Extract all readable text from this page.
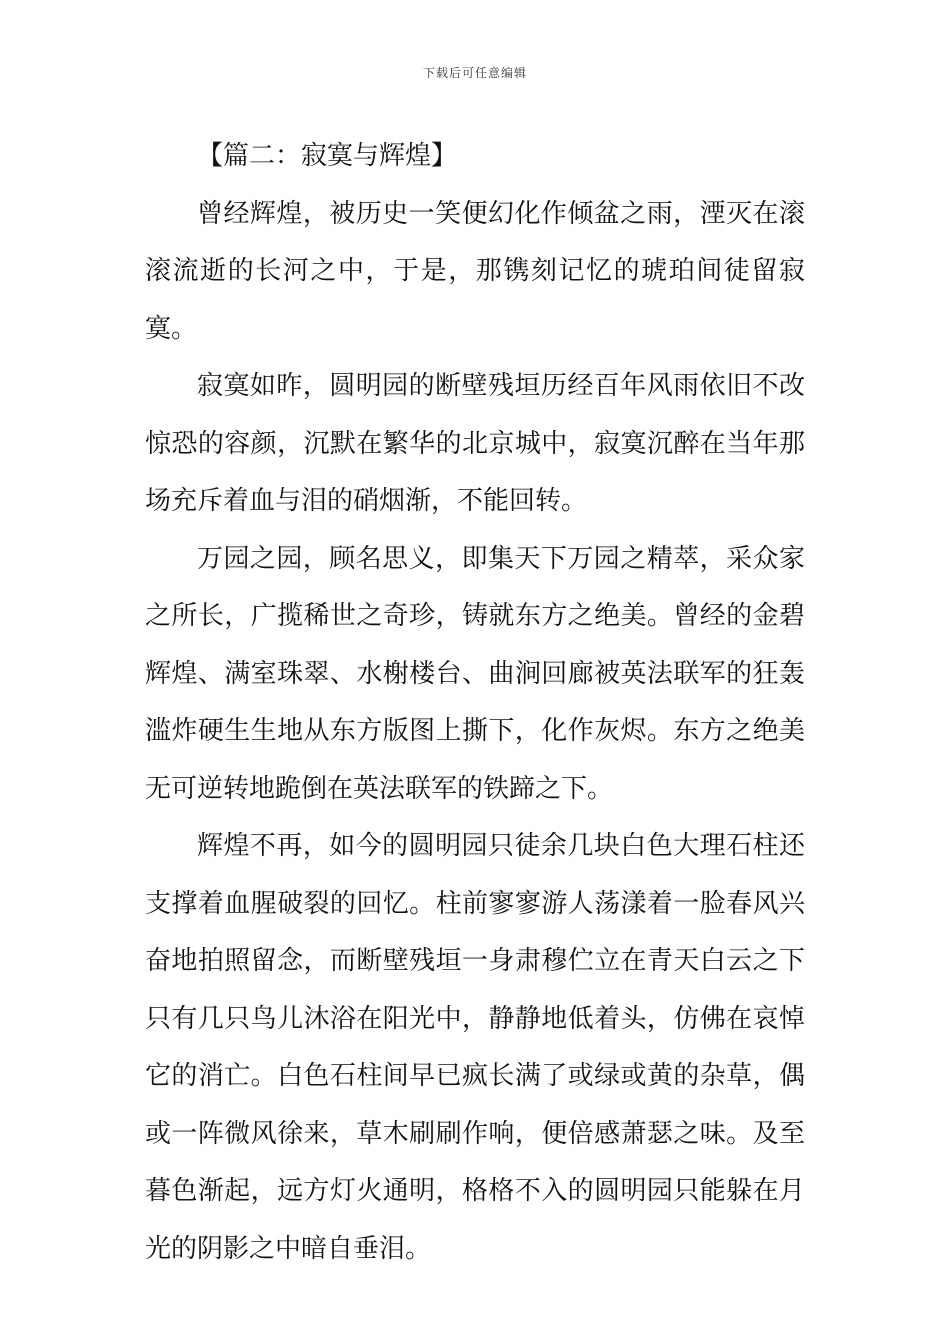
下载后可任意编辑

【篇二：寂寞与辉煌】

曾经辉煌，被历史一笑便幻化作倾盆之雨，湮灭在滚滚流逝的长河之中，于是，那镌刻记忆的琥珀间徒留寂寞。

寂寞如昨，圆明园的断壁残垣历经百年风雨依旧不改惊恐的容颜，沉默在繁华的北京城中，寂寞沉醉在当年那场充斥着血与泪的硝烟渐，不能回转。

万园之园，顾名思义，即集天下万园之精萃，采众家之所长，广揽稀世之奇珍，铸就东方之绝美。曾经的金碧辉煌、满室珠翠、水榭楼台、曲涧回廊被英法联军的狂轰滥炸硬生生地从东方版图上撕下，化作灰烬。东方之绝美无可逆转地跪倒在英法联军的铁蹄之下。

辉煌不再，如今的圆明园只徒余几块白色大理石柱还支撑着血腥破裂的回忆。柱前寥寥游人荡漾着一脸春风兴奋地拍照留念，而断壁残垣一身肃穆伫立在青天白云之下只有几只鸟儿沐浴在阳光中，静静地低着头，仿佛在哀悼它的消亡。白色石柱间早已疯长满了或绿或黄的杂草，偶或一阵微风徐来，草木刷刷作响，便倍感萧瑟之味。及至暮色渐起，远方灯火通明，格格不入的圆明园只能躲在月光的阴影之中暗自垂泪。
